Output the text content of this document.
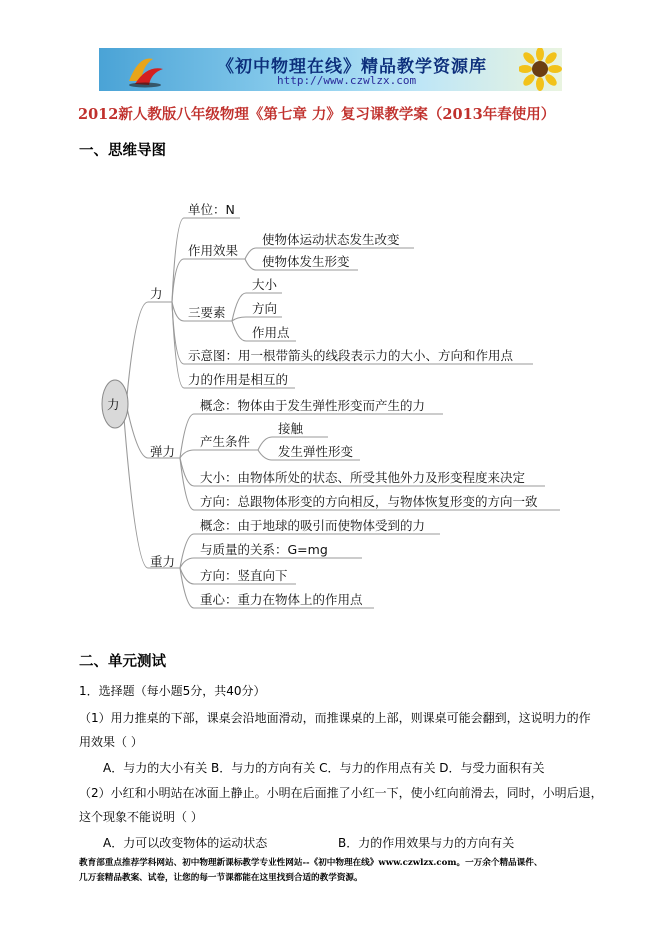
《初中物理在线》精品教学资源库
http://www.czwlzx.com
2012新人教版八年级物理《第七章 力》复习课教学案（2013年春使用）
一、思维导图
力
力
单位：N
作用效果
使物体运动状态发生改变
使物体发生形变
三要素
大小
方向
作用点
示意图：用一根带箭头的线段表示力的大小、方向和作用点
力的作用是相互的
弹力
概念：物体由于发生弹性形变而产生的力
产生条件
接触
发生弹性形变
大小：由物体所处的状态、所受其他外力及形变程度来决定
方向：总跟物体形变的方向相反，与物体恢复形变的方向一致
重力
概念：由于地球的吸引而使物体受到的力
与质量的关系：G=mg
方向：竖直向下
重心：重力在物体上的作用点
二、单元测试
1．选择题（每小题5分，共40分）
（1）用力推桌的下部，课桌会沿地面滑动，而推课桌的上部，则课桌可能会翻到，这说明力的作
用效果（ ）
A．与力的大小有关 B．与力的方向有关 C．与力的作用点有关 D．与受力面积有关
（2）小红和小明站在冰面上静止。小明在后面推了小红一下，使小红向前滑去，同时，小明后退，
这个现象不能说明（ ）
A．力可以改变物体的运动状态	B．力的作用效果与力的方向有关
教育部重点推荐学科网站、初中物理新课标教学专业性网站--《初中物理在线》www.czwlzx.com。一万余个精品课件、
几万套精品教案、试卷，让您的每一节课都能在这里找到合适的教学资源。
